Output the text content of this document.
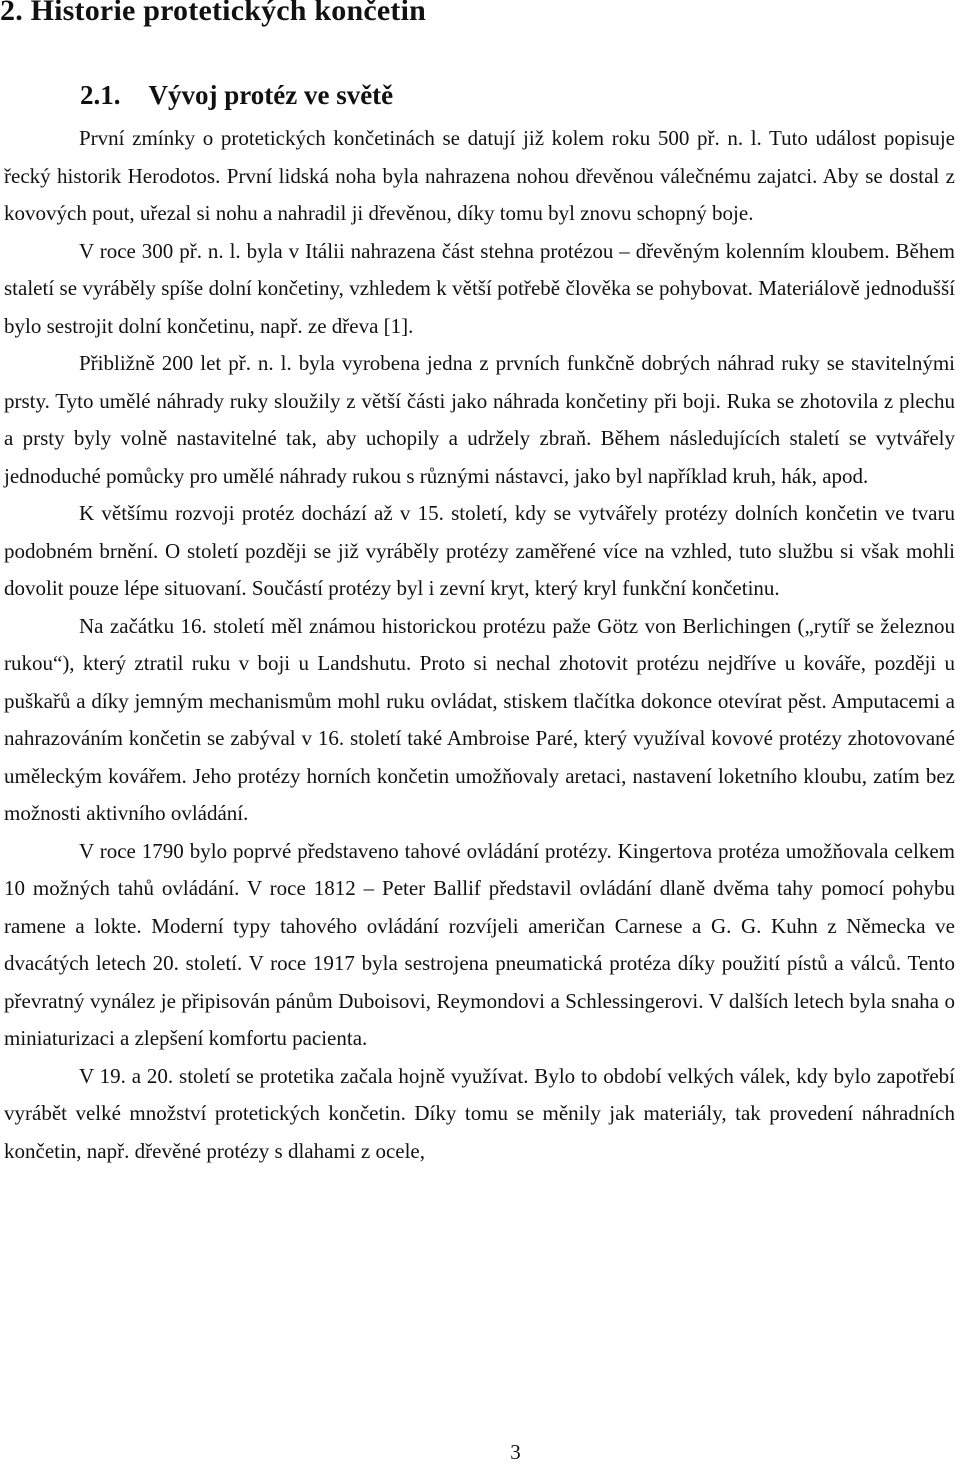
2. Historie protetických končetin
2.1. Vývoj protéz ve světě

První zmínky o protetických končetinách se datují již kolem roku 500 př. n. l. Tuto událost popisuje řecký historik Herodotos. První lidská noha byla nahrazena nohou dřevěnou válečnému zajatci. Aby se dostal z kovových pout, uřezal si nohu a nahradil ji dřevěnou, díky tomu byl znovu schopný boje.

V roce 300 př. n. l. byla v Itálii nahrazena část stehna protézou – dřevěným kolenním kloubem. Během staletí se vyráběly spíše dolní končetiny, vzhledem k větší potřebě člověka se pohybovat. Materiálově jednodušší bylo sestrojit dolní končetinu, např. ze dřeva [1].

Přibližně 200 let př. n. l. byla vyrobena jedna z prvních funkčně dobrých náhrad ruky se stavitelnými prsty. Tyto umělé náhrady ruky sloužily z větší části jako náhrada končetiny při boji. Ruka se zhotovila z plechu a prsty byly volně nastavitelné tak, aby uchopily a udržely zbraň. Během následujících staletí se vytvářely jednoduché pomůcky pro umělé náhrady rukou s různými nástavci, jako byl například kruh, hák, apod.

K většímu rozvoji protéz dochází až v 15. století, kdy se vytvářely protézy dolních končetin ve tvaru podobném brnění. O století později se již vyráběly protézy zaměřené více na vzhled, tuto službu si však mohli dovolit pouze lépe situovaní. Součástí protézy byl i zevní kryt, který kryl funkční končetinu.

Na začátku 16. století měl známou historickou protézu paže Götz von Berlichingen („rytíř se železnou rukou“), který ztratil ruku v boji u Landshutu. Proto si nechal zhotovit protézu nejdříve u kováře, později u puškařů a díky jemným mechanismům mohl ruku ovládat, stiskem tlačítka dokonce otevírat pěst. Amputacemi a nahrazováním končetin se zabýval v 16. století také Ambroise Paré, který využíval kovové protézy zhotovované uměleckým kovářem. Jeho protézy horních končetin umožňovaly aretaci, nastavení loketního kloubu, zatím bez možnosti aktivního ovládání.

V roce 1790 bylo poprvé představeno tahové ovládání protézy. Kingertova protéza umožňovala celkem 10 možných tahů ovládání. V roce 1812 – Peter Ballif představil ovládání dlaně dvěma tahy pomocí pohybu ramene a lokte. Moderní typy tahového ovládání rozvíjeli američan Carnese a G. G. Kuhn z Německa ve dvacátých letech 20. století. V roce 1917 byla sestrojena pneumatická protéza díky použití pístů a válců. Tento převratný vynález je připisován pánům Duboisovi, Reymondovi a Schlessingerovi. V dalších letech byla snaha o miniaturizaci a zlepšení komfortu pacienta.

V 19. a 20. století se protetika začala hojně využívat. Bylo to období velkých válek, kdy bylo zapotřebí vyrábět velké množství protetických končetin. Díky tomu se měnily jak materiály, tak provedení náhradních končetin, např. dřevěné protézy s dlahami z ocele,

3
